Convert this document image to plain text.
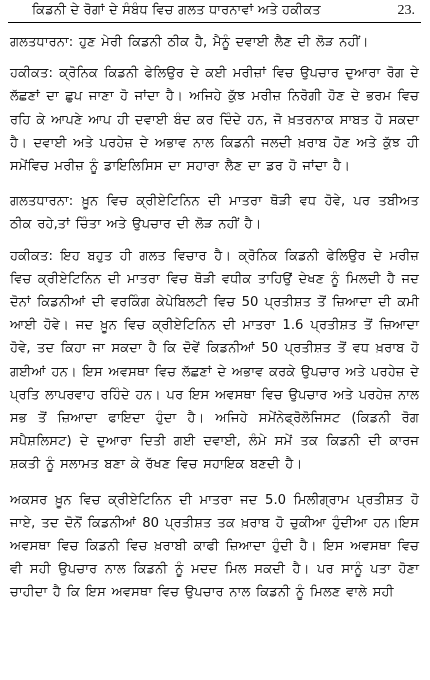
ਕਿਡਨੀ ਦੇ ਰੋਗਾਂ ਦੇ ਸੰਬੰਧ ਵਿਚ ਗਲਤ ਧਾਰਨਾਵਾਂ ਅਤੇ ਹਕੀਕਤ	23.

ਗਲਤਧਾਰਨਾ: ਹੁਣ ਮੇਰੀ ਕਿਡਨੀ ਠੀਕ ਹੈ, ਮੈਨੂੰ ਦਵਾਈ ਲੈਣ ਦੀ ਲੋੜ ਨਹੀਂ।

ਹਕੀਕਤ: ਕ੍ਰੋਨਿਕ ਕਿਡਨੀ ਫੇਲਿਉਰ ਦੇ ਕਈ ਮਰੀਜ਼ਾਂ ਵਿਚ ਉਪਚਾਰ ਦੁਆਰਾ ਰੋਗ ਦੇ ਲੱਛਣਾਂ ਦਾ ਛੁਪ ਜਾਣਾ ਹੋ ਜਾਂਦਾ ਹੈ। ਅਜਿਹੇ ਕੁੱਝ ਮਰੀਜ਼ ਨਿਰੋਗੀ ਹੋਣ ਦੇ ਭਰਮ ਵਿਚ ਰਹਿ ਕੇ ਆਪਣੇ ਆਪ ਹੀ ਦਵਾਈ ਬੰਦ ਕਰ ਦਿੰਦੇ ਹਨ, ਜੋ ਖ਼ਤਰਨਾਕ ਸਾਬਤ ਹੋ ਸਕਦਾ ਹੈ। ਦਵਾਈ ਅਤੇ ਪਰਹੇਜ਼ ਦੇ ਅਭਾਵ ਨਾਲ ਕਿਡਨੀ ਜਲਦੀ ਖ਼ਰਾਬ ਹੋਣ ਅਤੇ ਕੁੱਝ ਹੀ ਸਮੇਂਵਿਚ ਮਰੀਜ਼ ਨੂੰ ਡਾਇਲਿਸਿਸ ਦਾ ਸਹਾਰਾ ਲੈਣ ਦਾ ਡਰ ਹੋ ਜਾਂਦਾ ਹੈ।

ਗਲਤਧਾਰਨਾ: ਖ਼ੂਨ ਵਿਚ ਕ੍ਰੀਏਟਿਨਿਨ ਦੀ ਮਾਤਰਾ ਥੋੜੀ ਵਧ ਹੋਵੇ, ਪਰ ਤਬੀਅਤ ਠੀਕ ਰਹੇ,ਤਾਂ ਚਿੰਤਾ ਅਤੇ ਉਪਚਾਰ ਦੀ ਲੋੜ ਨਹੀਂ ਹੈ।

ਹਕੀਕਤ: ਇਹ ਬਹੁਤ ਹੀ ਗਲਤ ਵਿਚਾਰ ਹੈ। ਕ੍ਰੋਨਿਕ ਕਿਡਨੀ ਫੇਲਿਉਰ ਦੇ ਮਰੀਜ਼ ਵਿਚ ਕ੍ਰੀਏਟਿਨਿਨ ਦੀ ਮਾਤਰਾ ਵਿਚ ਥੋੜੀ ਵਧੀਕ ਤਾਹਿਉਂ ਦੇਖਣ ਨੂੰ ਮਿਲਦੀ ਹੈ ਜਦ ਦੋਨਾਂ ਕਿਡਨੀਆਂ ਦੀ ਵਰਕਿੰਗ ਕੇਪੇਬਿਲਟੀ ਵਿਚ 50 ਪ੍ਰਤੀਸ਼ਤ ਤੋਂ ਜ਼ਿਆਦਾ ਦੀ ਕਮੀ ਆਈ ਹੋਵੇ। ਜਦ ਖ਼ੂਨ ਵਿਚ ਕ੍ਰੀਏਟਿਨਿਨ ਦੀ ਮਾਤਰਾ 1.6 ਪ੍ਰਤੀਸ਼ਤ ਤੋਂ ਜ਼ਿਆਦਾ ਹੋਵੇ, ਤਦ ਕਿਹਾ ਜਾ ਸਕਦਾ ਹੈ ਕਿ ਦੋਵੇਂ ਕਿਡਨੀਆਂ 50 ਪ੍ਰਤੀਸ਼ਤ ਤੋਂ ਵਧ ਖ਼ਰਾਬ ਹੋ ਗਈਆਂ ਹਨ। ਇਸ ਅਵਸਥਾ ਵਿਚ ਲੱਛਣਾਂ ਦੇ ਅਭਾਵ ਕਰਕੇ ਉਪਚਾਰ ਅਤੇ ਪਰਹੇਜ਼ ਦੇ ਪ੍ਰਤਿ ਲਾਪਰਵਾਹ ਰਹਿੰਦੇ ਹਨ। ਪਰ ਇਸ ਅਵਸਥਾ ਵਿਚ ਉਪਚਾਰ ਅਤੇ ਪਰਹੇਜ਼ ਨਾਲ ਸਭ ਤੋਂ ਜ਼ਿਆਦਾ ਫਾਇਦਾ ਹੁੰਦਾ ਹੈ। ਅਜਿਹੇ ਸਮੇਂਨੇਫ੍ਰੋਲੋਜਿਸਟ (ਕਿਡਨੀ ਰੋਗ ਸਪੈਸ਼ਲਿਸਟ) ਦੇ ਦੁਆਰਾ ਦਿਤੀ ਗਈ ਦਵਾਈ, ਲੰਮੇ ਸਮੇਂ ਤਕ ਕਿਡਨੀ ਦੀ ਕਾਰਜ ਸ਼ਕਤੀ ਨੂੰ ਸਲਾਮਤ ਬਣਾ ਕੇ ਰੱਖਣ ਵਿਚ ਸਹਾਇਕ ਬਣਦੀ ਹੈ।

ਅਕਸਰ ਖ਼ੂਨ ਵਿਚ ਕ੍ਰੀਏਟਿਨਿਨ ਦੀ ਮਾਤਰਾ ਜਦ 5.0 ਮਿਲੀਗ੍ਰਾਮ ਪ੍ਰਤੀਸ਼ਤ ਹੋ ਜਾਏ, ਤਦ ਦੋਨੋਂ ਕਿਡਨੀਆਂ 80 ਪ੍ਰਤੀਸ਼ਤ ਤਕ ਖ਼ਰਾਬ ਹੋ ਚੁਕੀਆ ਹੁੰਦੀਆ ਹਨ।ਇਸ ਅਵਸਥਾ ਵਿਚ ਕਿਡਨੀ ਵਿਚ ਖ਼ਰਾਬੀ ਕਾਫੀ ਜ਼ਿਆਦਾ ਹੁੰਦੀ ਹੈ। ਇਸ ਅਵਸਥਾ ਵਿਚ ਵੀ ਸਹੀ ਉਪਚਾਰ ਨਾਲ ਕਿਡਨੀ ਨੂੰ ਮਦਦ ਮਿਲ ਸਕਦੀ ਹੈ। ਪਰ ਸਾਨੂੰ ਪਤਾ ਹੋਣਾ ਚਾਹੀਦਾ ਹੈ ਕਿ ਇਸ ਅਵਸਥਾ ਵਿਚ ਉਪਚਾਰ ਨਾਲ ਕਿਡਨੀ ਨੂੰ ਮਿਲਣ ਵਾਲੇ ਸਹੀ
